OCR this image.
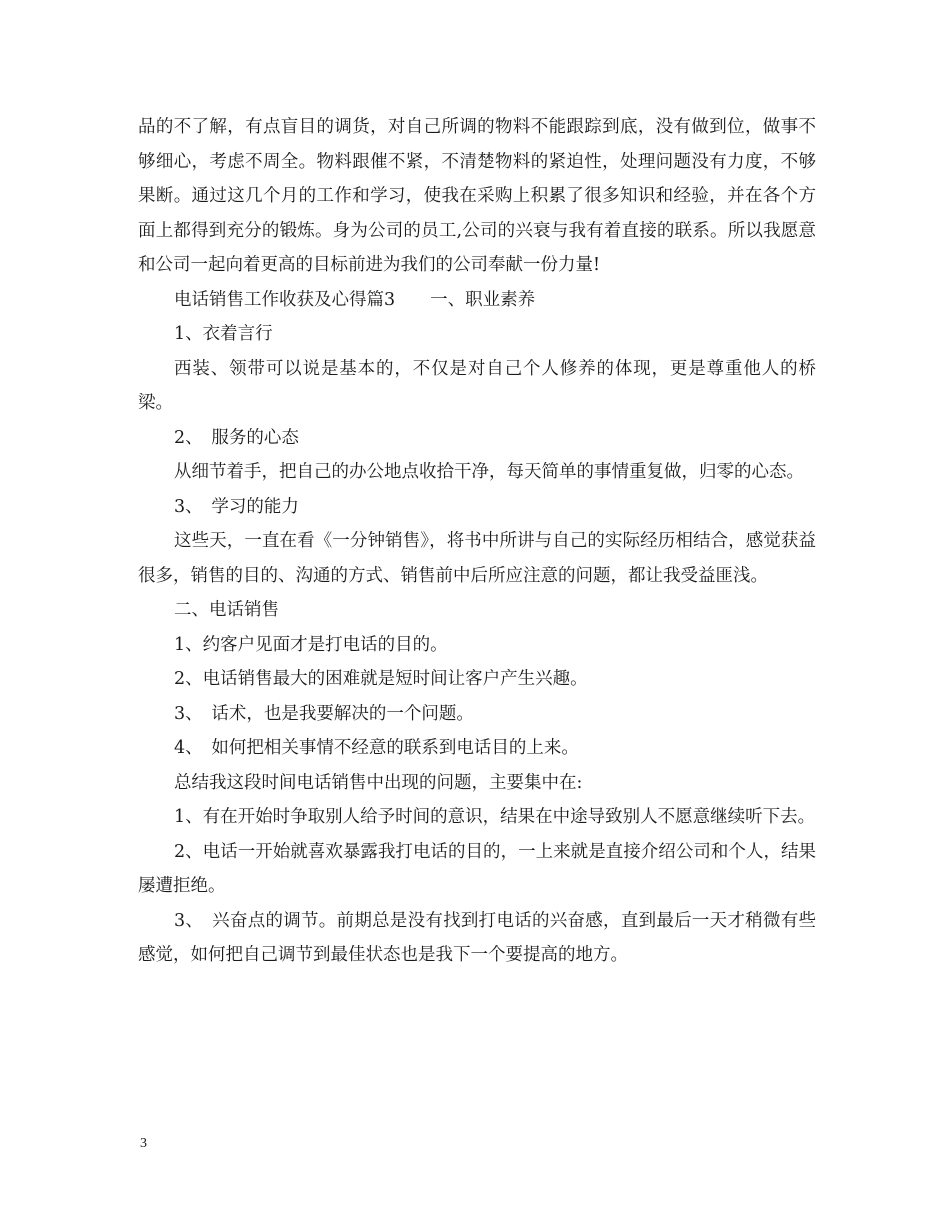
品的不了解，有点盲目的调货，对自己所调的物料不能跟踪到底，没有做到位，做事不够细心，考虑不周全。物料跟催不紧，不清楚物料的紧迫性，处理问题没有力度，不够果断。通过这几个月的工作和学习，使我在采购上积累了很多知识和经验，并在各个方面上都得到充分的锻炼。身为公司的员工,公司的兴衰与我有着直接的联系。所以我愿意和公司一起向着更高的目标前进为我们的公司奉献一份力量!

电话销售工作收获及心得篇3　　一、职业素养

1、衣着言行

西装、领带可以说是基本的，不仅是对自己个人修养的体现，更是尊重他人的桥梁。

2、　服务的心态

从细节着手，把自己的办公地点收拾干净，每天简单的事情重复做，归零的心态。

3、　学习的能力

这些天，一直在看《一分钟销售》，将书中所讲与自己的实际经历相结合，感觉获益很多，销售的目的、沟通的方式、销售前中后所应注意的问题，都让我受益匪浅。

二、电话销售

1、约客户见面才是打电话的目的。

2、电话销售最大的困难就是短时间让客户产生兴趣。

3、　话术，也是我要解决的一个问题。

4、　如何把相关事情不经意的联系到电话目的上来。

总结我这段时间电话销售中出现的问题，主要集中在:

1、有在开始时争取别人给予时间的意识，结果在中途导致别人不愿意继续听下去。

2、电话一开始就喜欢暴露我打电话的目的，一上来就是直接介绍公司和个人，结果屡遭拒绝。

3、　兴奋点的调节。前期总是没有找到打电话的兴奋感，直到最后一天才稍微有些感觉，如何把自己调节到最佳状态也是我下一个要提高的地方。

3
